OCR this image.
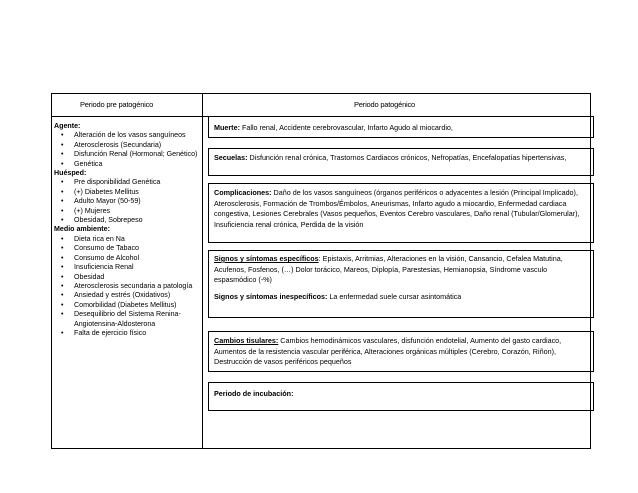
Periodo pre patogénico	Periodo patogénico
Agente:
• Alteración de los vasos sanguíneos
• Aterosclerosis (Secundaria)
• Disfunción Renal (Hormonal; Genético)
• Genética
Huésped:
• Pre disponibilidad Genética
• (+) Diabetes Mellitus
• Adulto Mayor (50-59)
• (+) Mujeres
• Obesidad, Sobrepeso
Medio ambiente:
• Dieta rica en Na
• Consumo de Tabaco
• Consumo de Alcohol
• Insuficiencia Renal
• Obesidad
• Aterosclerosis secundaria a patología
• Ansiedad y estrés (Oxidativos)
• Comorbilidad (Diabetes Mellitus)
• Desequilibrio del Sistema Renina-Angiotensina-Aldosterona
• Falta de ejercicio físico
Muerte: Fallo renal, Accidente cerebrovascular, Infarto Agudo al miocardio,
Secuelas: Disfunción renal crónica, Trastornos Cardiacos crónicos, Nefropatías, Encefalopatías hipertensivas,
Complicaciones: Daño de los vasos sanguíneos (órganos periféricos o adyacentes a lesión (Principal Implicado), Aterosclerosis, Formación de Trombos/Émbolos, Aneurismas, Infarto agudo a miocardio, Enfermedad cardiaca congestiva, Lesiones Cerebrales (Vasos pequeños, Eventos Cerebro vasculares, Daño renal (Tubular/Glomerular), Insuficiencia renal crónica, Perdida de la visión
Signos y síntomas específicos: Epistaxis, Arritmias, Alteraciones en la visión, Cansancio, Cefalea Matutina, Acufenos, Fosfenos, (…) Dolor torácico, Mareos, Diplopía, Parestesias, Hemianopsia, Síndrome vasculo espasmódico (-%)
Signos y síntomas inespecíficos: La enfermedad suele cursar asintomática
Cambios tisulares: Cambios hemodinámicos vasculares, disfunción endotelial, Aumento del gasto cardiaco, Aumentos de la resistencia vascular periférica, Alteraciones orgánicas múltiples (Cerebro, Corazón, Riñon), Destrucción de vasos periféricos pequeños
Periodo de incubación:
